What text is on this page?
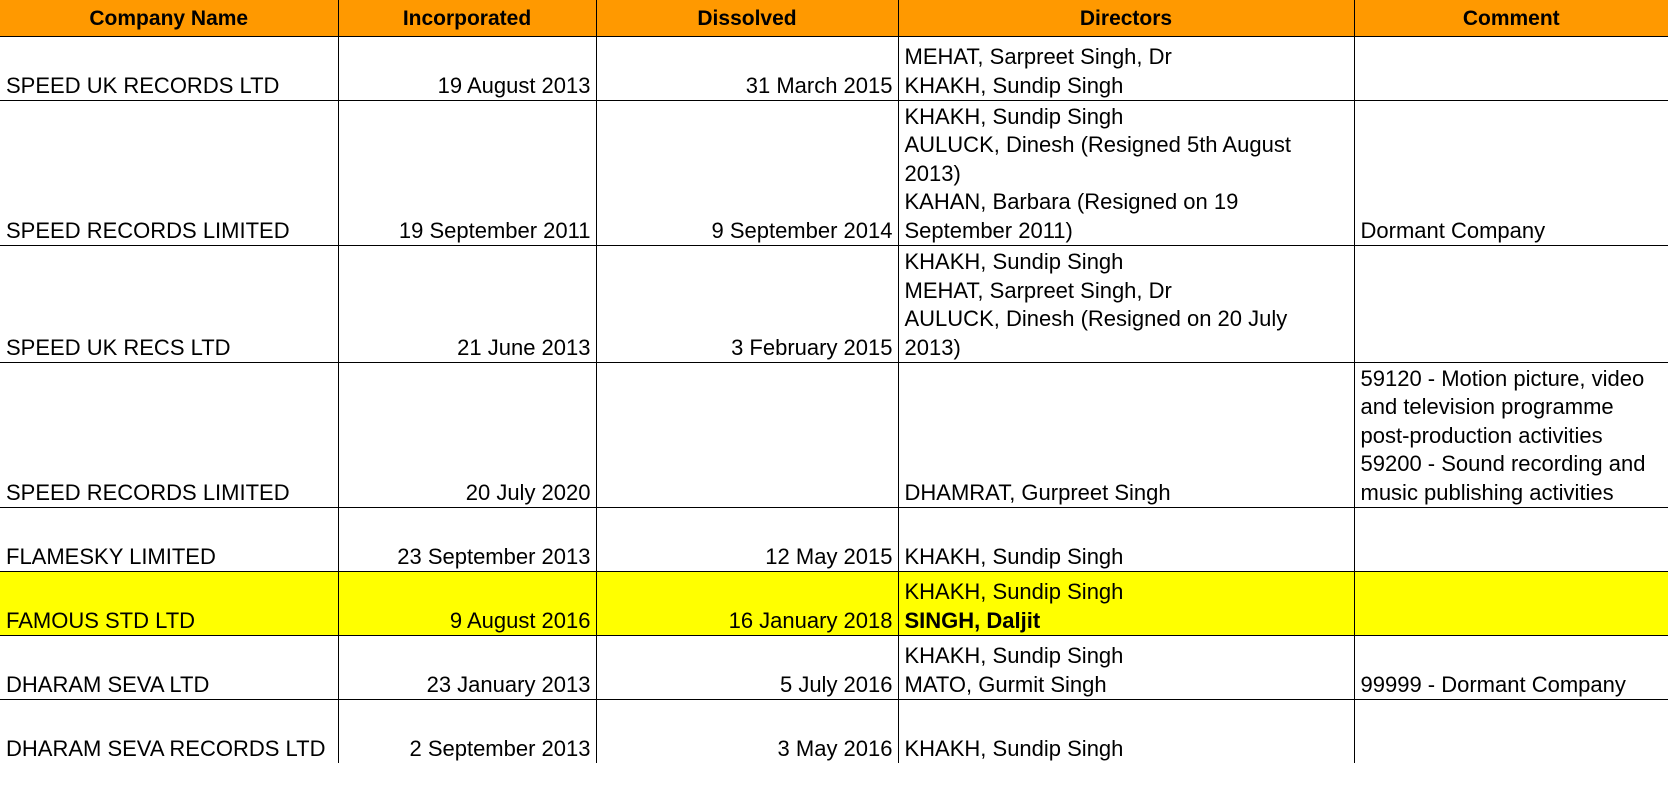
Company Name	Incorporated	Dissolved	Directors	Comment
SPEED UK RECORDS LTD	19 August 2013	31 March 2015	MEHAT, Sarpreet Singh, Dr
KHAKH, Sundip Singh	

SPEED RECORDS LIMITED	19 September 2011	9 September 2014	KHAKH, Sundip Singh
AULUCK, Dinesh (Resigned 5th August 2013)
KAHAN, Barbara (Resigned on 19 September 2011)	Dormant Company

SPEED UK RECS LTD	21 June 2013	3 February 2015	KHAKH, Sundip Singh
MEHAT, Sarpreet Singh, Dr
AULUCK, Dinesh (Resigned on 20 July 2013)	

SPEED RECORDS LIMITED	20 July 2020		DHAMRAT, Gurpreet Singh	59120 - Motion picture, video and television programme post-production activities
59200 - Sound recording and music publishing activities

FLAMESKY LIMITED	23 September 2013	12 May 2015	KHAKH, Sundip Singh	

FAMOUS STD LTD	9 August 2016	16 January 2018	KHAKH, Sundip Singh
SINGH, Daljit	

DHARAM SEVA LTD	23 January 2013	5 July 2016	KHAKH, Sundip Singh
MATO, Gurmit Singh	99999 - Dormant Company

DHARAM SEVA RECORDS LTD	2 September 2013	3 May 2016	KHAKH, Sundip Singh	
